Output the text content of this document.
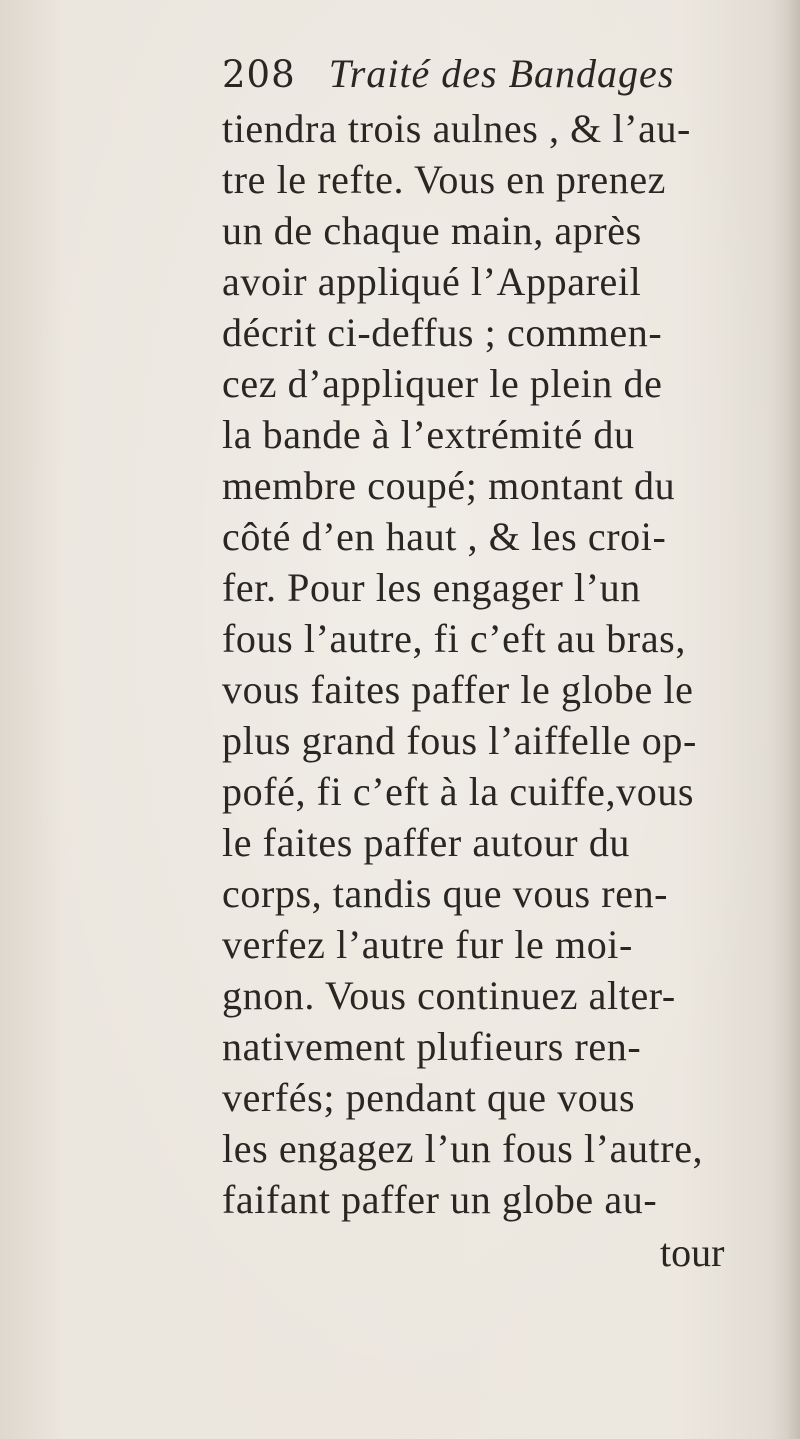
208 Traité des Bandages
tiendra trois aulnes , & l’au-
tre le refte. Vous en prenez
un de chaque main, après
avoir appliqué l’Appareil
décrit ci-deffus ; commen-
cez d’appliquer le plein de
la bande à l’extrémité du
membre coupé; montant du
côté d’en haut , & les croi-
fer. Pour les engager l’un
fous l’autre, fi c’eft au bras,
vous faites paffer le globe le
plus grand fous l’aiffelle op-
pofé, fi c’eft à la cuiffe,vous
le faites paffer autour du
corps, tandis que vous ren-
verfez l’autre fur le moi-
gnon. Vous continuez alter-
nativement plufieurs ren-
verfés; pendant que vous
les engagez l’un fous l’autre,
faifant paffer un globe au-
tour
